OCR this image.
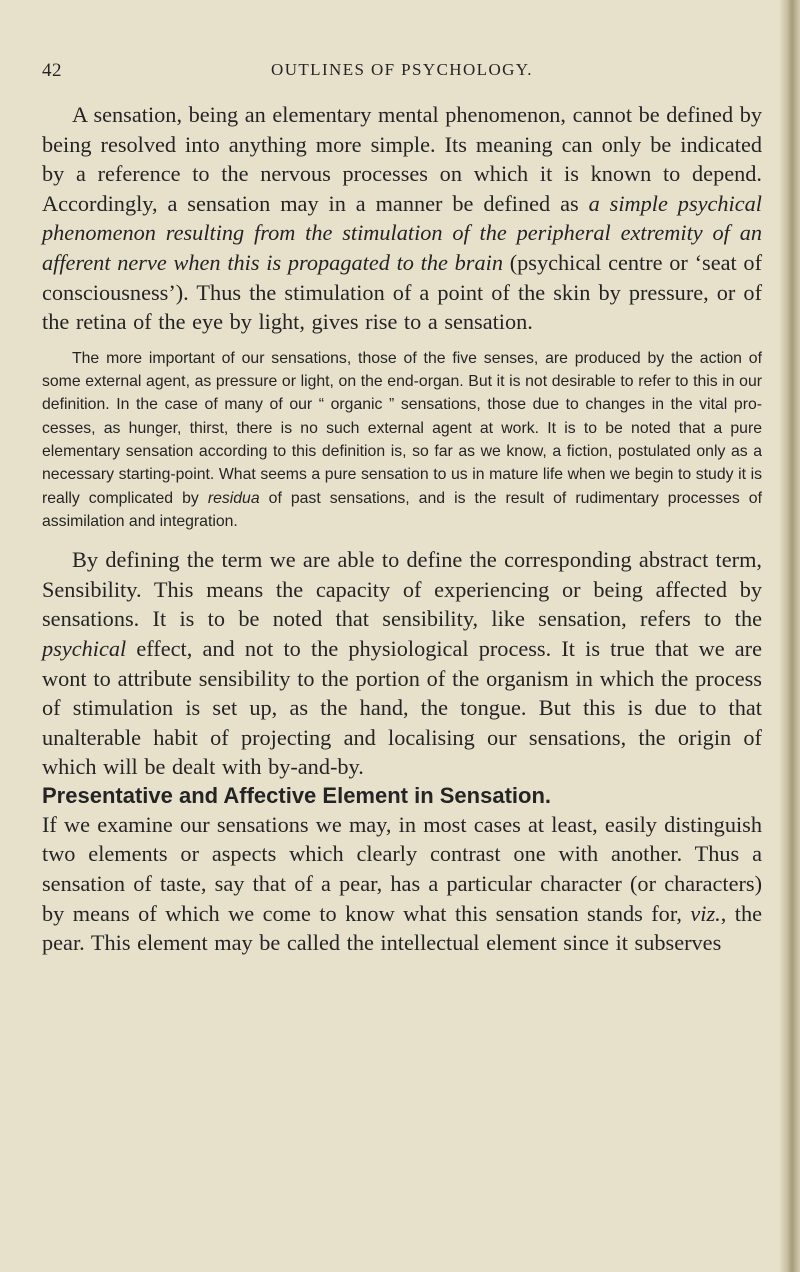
42	OUTLINES OF PSYCHOLOGY.

A sensation, being an elementary mental phenomenon, cannot be defined by being resolved into anything more simple. Its meaning can only be indicated by a reference to the nervous processes on which it is known to depend. Accordingly, a sensation may in a manner be defined as a simple psychical phenomenon resulting from the stimulation of the peripheral extremity of an afferent nerve when this is propagated to the brain (psychical centre or ‘seat of consciousness’). Thus the stimulation of a point of the skin by pressure, or of the retina of the eye by light, gives rise to a sensation.

The more important of our sensations, those of the five senses, are produced by the action of some external agent, as pressure or light, on the end-organ. But it is not desirable to refer to this in our definition. In the case of many of our “ organic ” sensations, those due to changes in the vital processes, as hunger, thirst, there is no such external agent at work. It is to be noted that a pure elementary sensation according to this definition is, so far as we know, a fiction, postulated only as a necessary starting-point. What seems a pure sensation to us in mature life when we begin to study it is really complicated by residua of past sensations, and is the result of rudimentary processes of assimilation and integration.

By defining the term we are able to define the corresponding abstract term, Sensibility. This means the capacity of experiencing or being affected by sensations. It is to be noted that sensibility, like sensation, refers to the psychical effect, and not to the physiological process. It is true that we are wont to attribute sensibility to the portion of the organism in which the process of stimulation is set up, as the hand, the tongue. But this is due to that unalterable habit of projecting and localising our sensations, the origin of which will be dealt with by-and-by.

Presentative and Affective Element in Sensation.

If we examine our sensations we may, in most cases at least, easily distinguish two elements or aspects which clearly contrast one with another. Thus a sensation of taste, say that of a pear, has a particular character (or characters) by means of which we come to know what this sensation stands for, viz., the pear. This element may be called the intellectual element since it subserves
